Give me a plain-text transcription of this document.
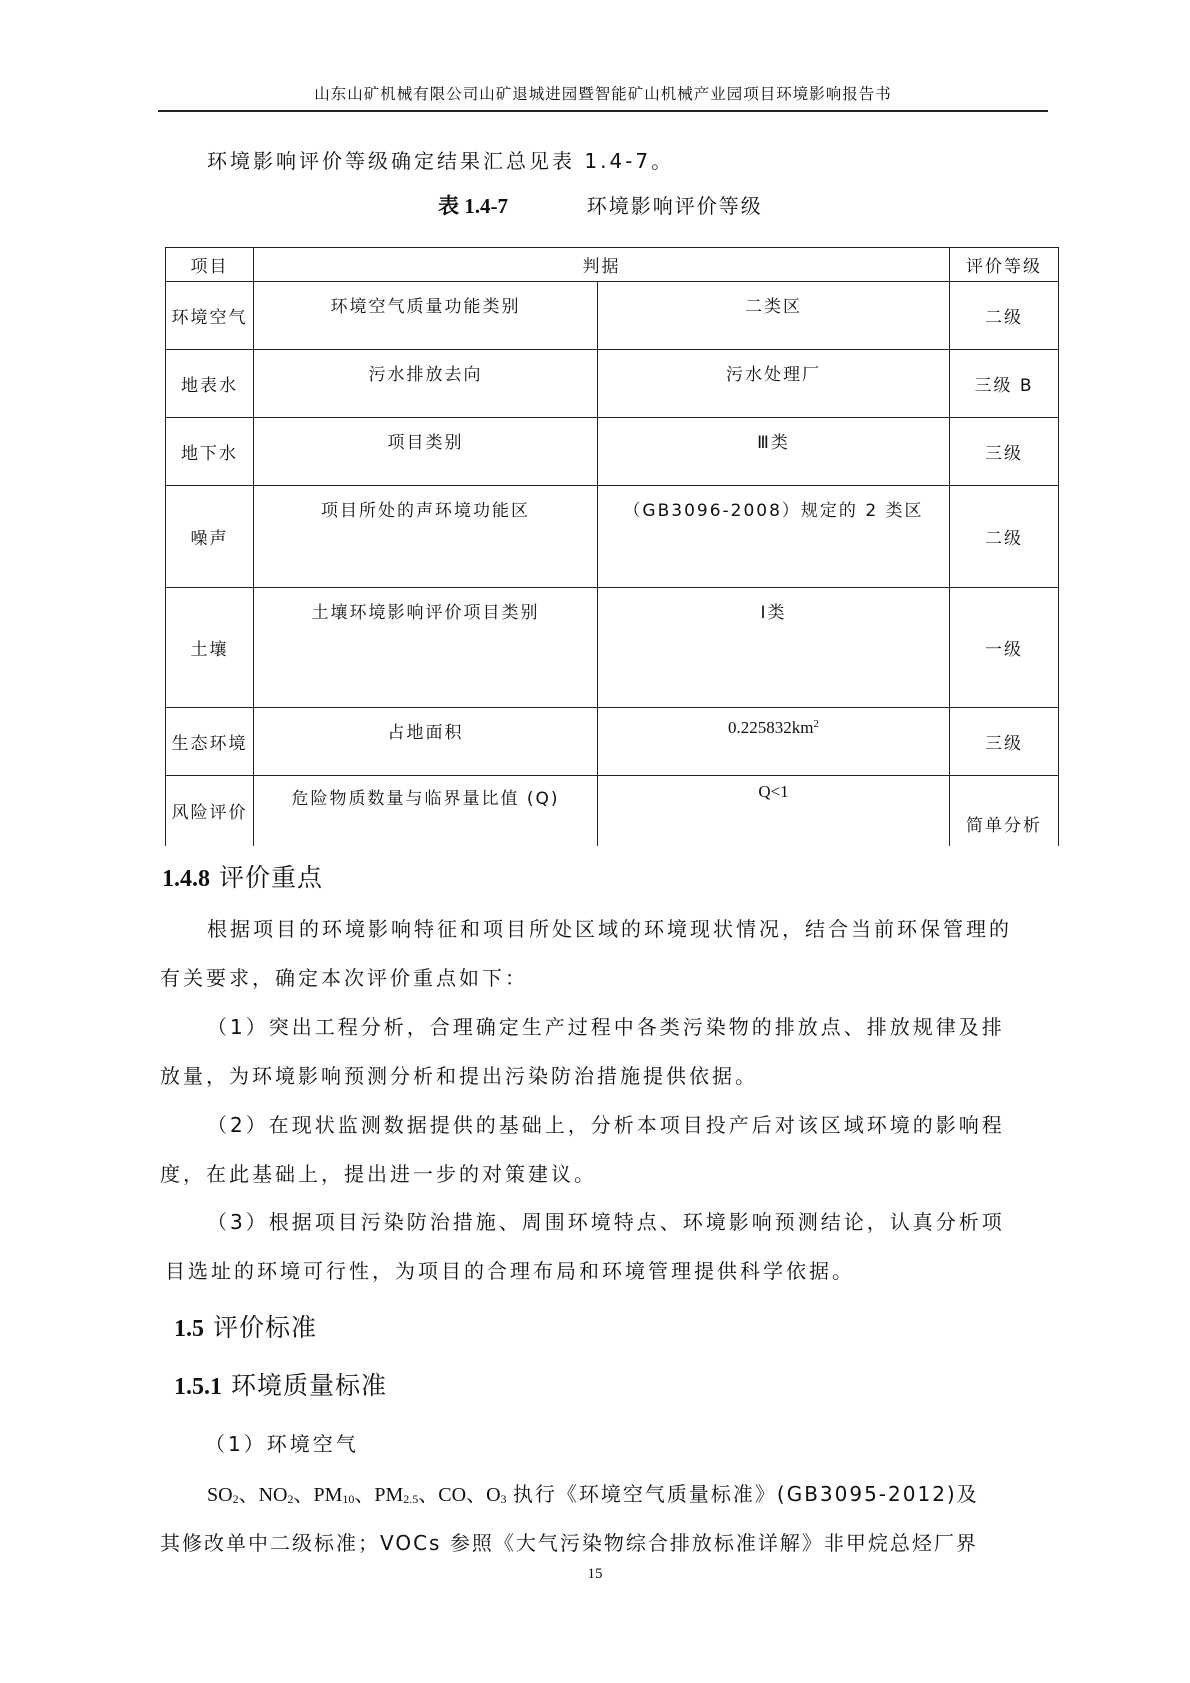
山东山矿机械有限公司山矿退城进园暨智能矿山机械产业园项目环境影响报告书
环境影响评价等级确定结果汇总见表 1.4-7。
表 1.4-7	环境影响评价等级
项目	判据		评价等级
环境空气	环境空气质量功能类别	二类区	二级
地表水	污水排放去向	污水处理厂	三级 B
地下水	项目类别	Ⅲ类	三级
噪声	项目所处的声环境功能区	（GB3096-2008）规定的 2 类区	二级
土壤	土壤环境影响评价项目类别	Ⅰ类	一级
生态环境	占地面积	$0.225832km^2$	三级
风险评价	危险物质数量与临界量比值 (Q)	Q<1	简单分析
1.4.8 评价重点
根据项目的环境影响特征和项目所处区域的环境现状情况，结合当前环保管理的
有关要求，确定本次评价重点如下：
（1）突出工程分析，合理确定生产过程中各类污染物的排放点、排放规律及排
放量，为环境影响预测分析和提出污染防治措施提供依据。
（2）在现状监测数据提供的基础上，分析本项目投产后对该区域环境的影响程
度，在此基础上，提出进一步的对策建议。
（3）根据项目污染防治措施、周围环境特点、环境影响预测结论，认真分析项
目选址的环境可行性，为项目的合理布局和环境管理提供科学依据。
1.5 评价标准
1.5.1 环境质量标准
（1）环境空气
$SO_2$、$NO_2$、$PM_{10}$、$PM_{2.5}$、CO、$O_3$ 执行《环境空气质量标准》(GB3095-2012)及
其修改单中二级标准；VOCs 参照《大气污染物综合排放标准详解》非甲烷总烃厂界
15
